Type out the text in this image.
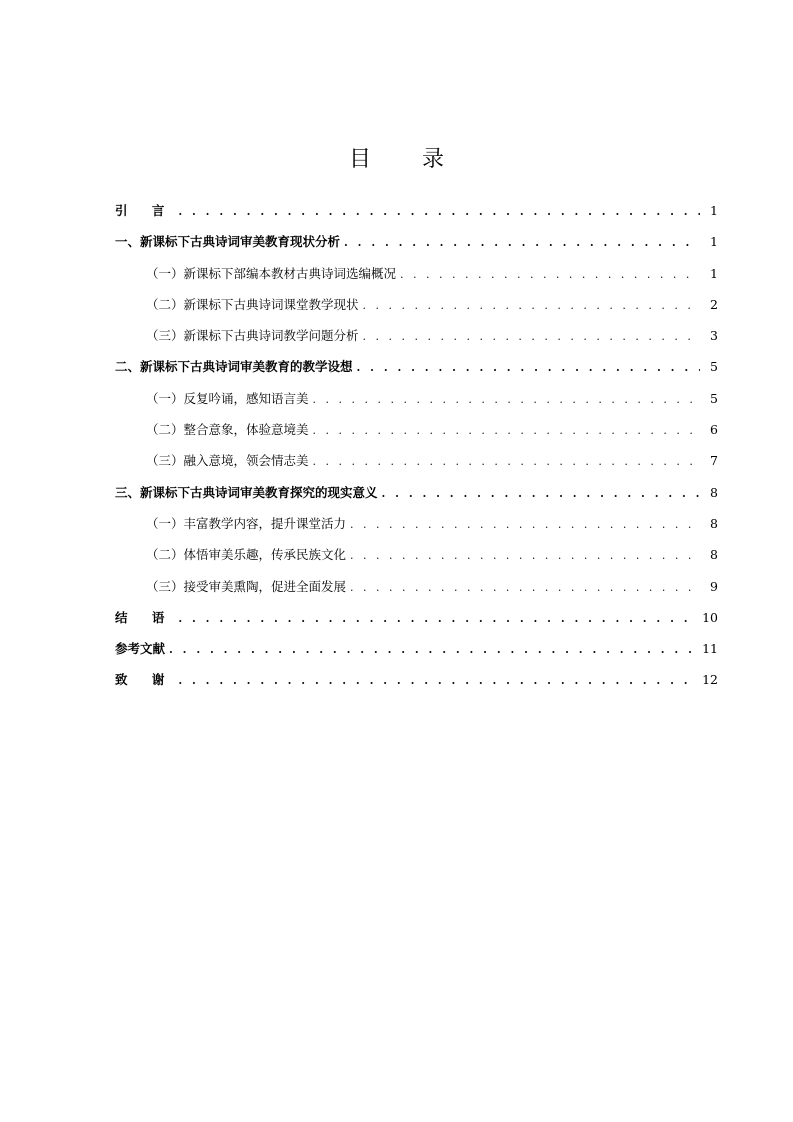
目 录
引 言 . . .	1
一、新课标下古典诗词审美教育现状分析 . . .	1
（一）新课标下部编本教材古典诗词选编概况 . . .	1
（二）新课标下古典诗词课堂教学现状 . . .	2
（三）新课标下古典诗词教学问题分析 . . .	3
二、新课标下古典诗词审美教育的教学设想 . . .	5
（一）反复吟诵，感知语言美 . . .	5
（二）整合意象，体验意境美 . . .	6
（三）融入意境，领会情志美 . . .	7
三、新课标下古典诗词审美教育探究的现实意义 . . .	8
（一）丰富教学内容，提升课堂活力 . . .	8
（二）体悟审美乐趣，传承民族文化 . . .	8
（三）接受审美熏陶，促进全面发展 . . .	9
结 语 . . .	10
参考文献 . . .	11
致 谢 . . .	12
